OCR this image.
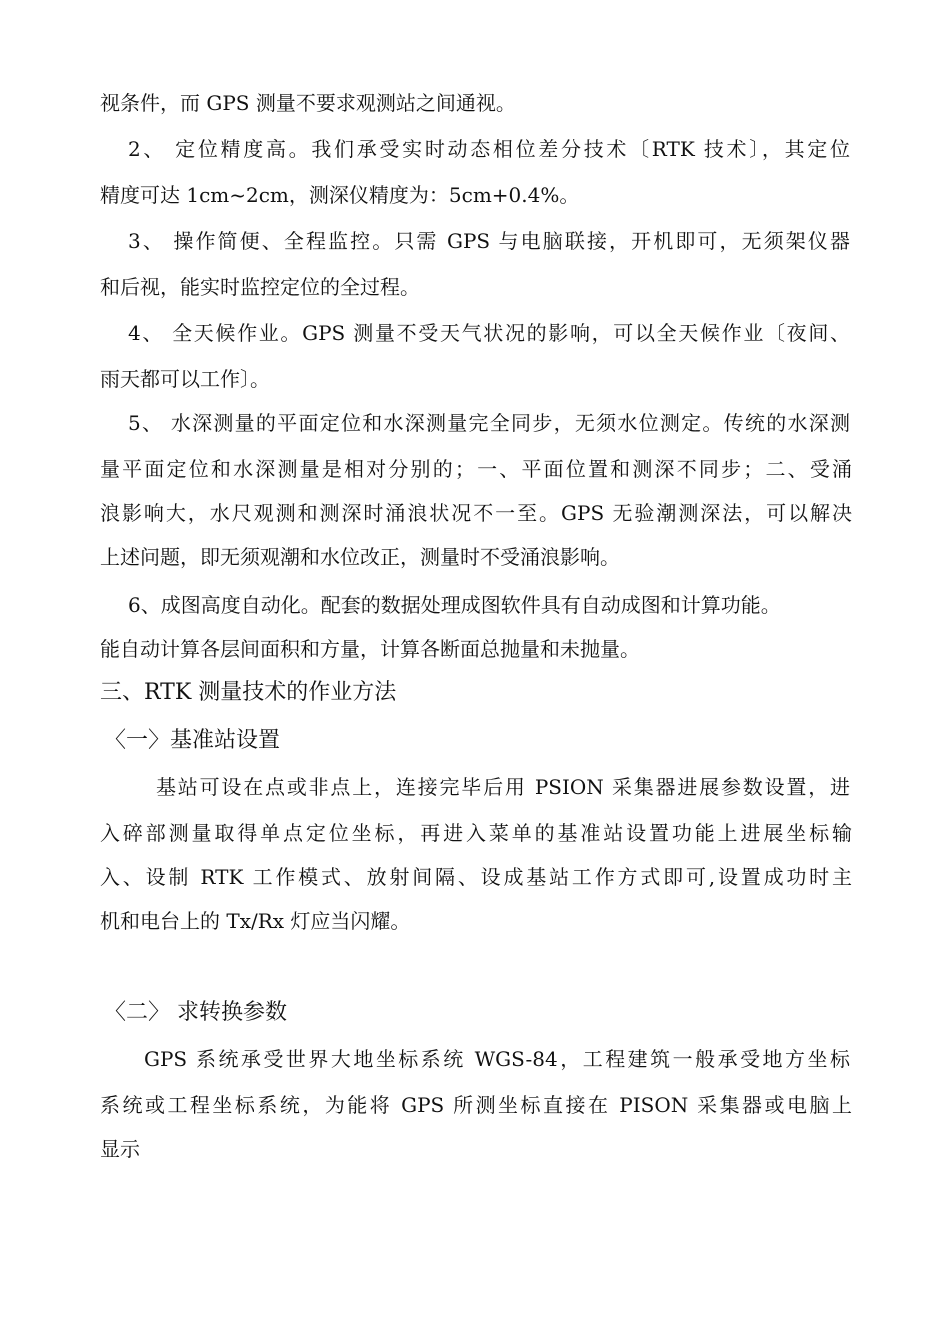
视条件，而 GPS 测量不要求观测站之间通视。
2、 定位精度高。我们承受实时动态相位差分技术〔RTK 技术〕，其定位
精度可达 1cm~2cm，测深仪精度为：5cm+0.4%。
3、 操作简便、全程监控。只需 GPS 与电脑联接，开机即可，无须架仪器
和后视，能实时监控定位的全过程。
4、 全天候作业。GPS 测量不受天气状况的影响，可以全天候作业〔夜间、
雨天都可以工作〕。
5、 水深测量的平面定位和水深测量完全同步，无须水位测定。传统的水深测
量平面定位和水深测量是相对分别的；一、平面位置和测深不同步；二、受涌
浪影响大，水尺观测和测深时涌浪状况不一至。GPS 无验潮测深法，可以解决
上述问题，即无须观潮和水位改正，测量时不受涌浪影响。
6、成图高度自动化。配套的数据处理成图软件具有自动成图和计算功能。
能自动计算各层间面积和方量，计算各断面总抛量和未抛量。
三、RTK 测量技术的作业方法
〈一〉基准站设置
基站可设在点或非点上，连接完毕后用 PSION 采集器进展参数设置，进
入碎部测量取得单点定位坐标，再进入菜单的基准站设置功能上进展坐标输
入、设制 RTK 工作模式、放射间隔、设成基站工作方式即可,设置成功时主
机和电台上的 Tx/Rx 灯应当闪耀。
〈二〉 求转换参数
GPS 系统承受世界大地坐标系统 WGS-84，工程建筑一般承受地方坐标
系统或工程坐标系统，为能将 GPS 所测坐标直接在 PISON 采集器或电脑上
显示
